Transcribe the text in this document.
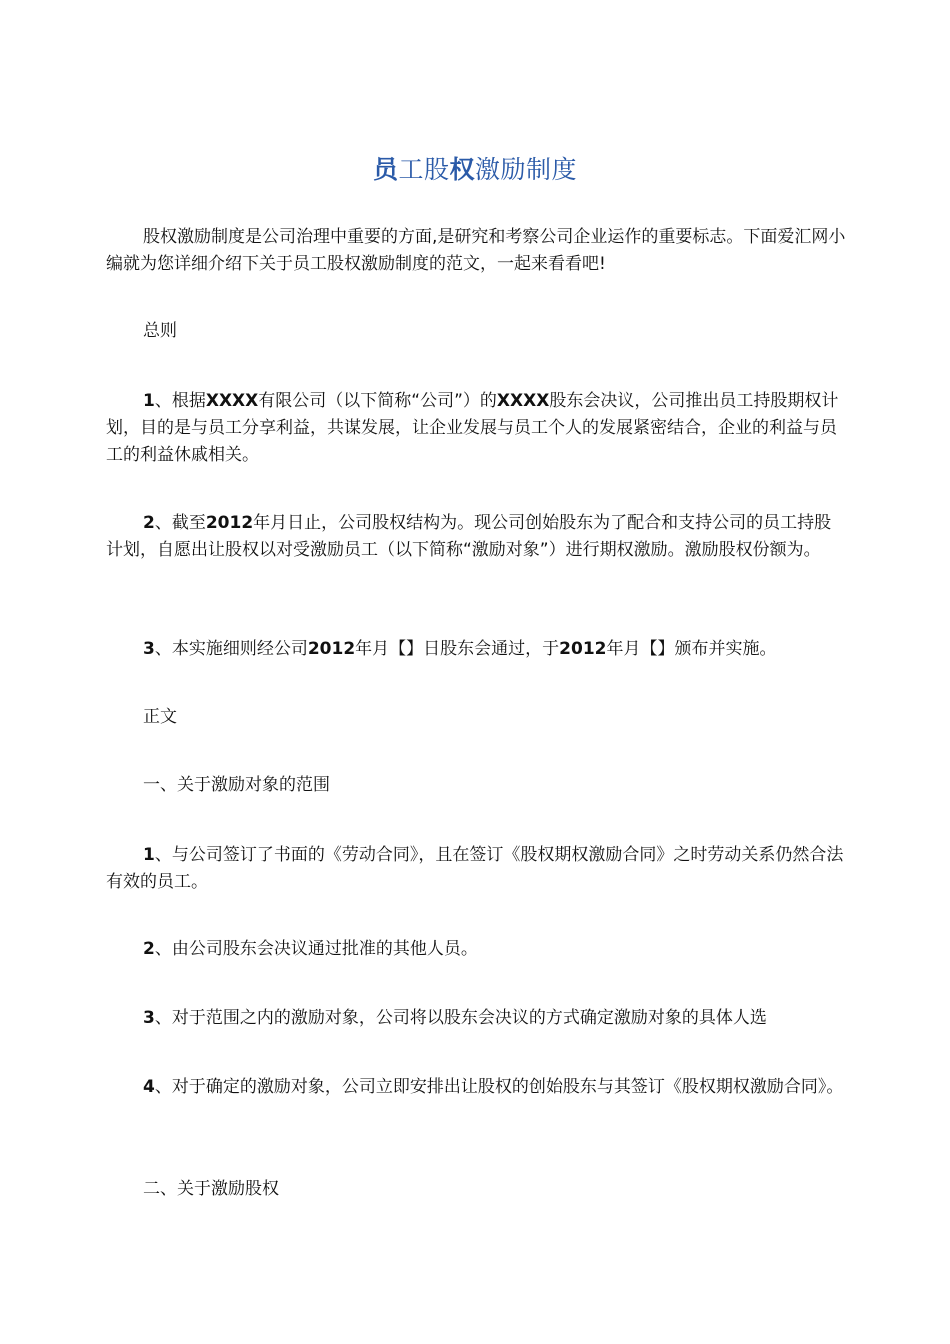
员工股权激励制度

股权激励制度是公司治理中重要的方面,是研究和考察公司企业运作的重要标志。下面爱汇网小编就为您详细介绍下关于员工股权激励制度的范文，一起来看看吧!

总则

1、根据XXXX有限公司（以下简称“公司”）的XXXX股东会决议，公司推出员工持股期权计划，目的是与员工分享利益，共谋发展，让企业发展与员工个人的发展紧密结合，企业的利益与员工的利益休戚相关。

2、截至2012年月日止，公司股权结构为。现公司创始股东为了配合和支持公司的员工持股计划，自愿出让股权以对受激励员工（以下简称“激励对象”）进行期权激励。激励股权份额为。

3、本实施细则经公司2012年月【】日股东会通过，于2012年月【】颁布并实施。

正文

一、关于激励对象的范围

1、与公司签订了书面的《劳动合同》，且在签订《股权期权激励合同》之时劳动关系仍然合法有效的员工。

2、由公司股东会决议通过批准的其他人员。

3、对于范围之内的激励对象，公司将以股东会决议的方式确定激励对象的具体人选

4、对于确定的激励对象，公司立即安排出让股权的创始股东与其签订《股权期权激励合同》。

二、关于激励股权
